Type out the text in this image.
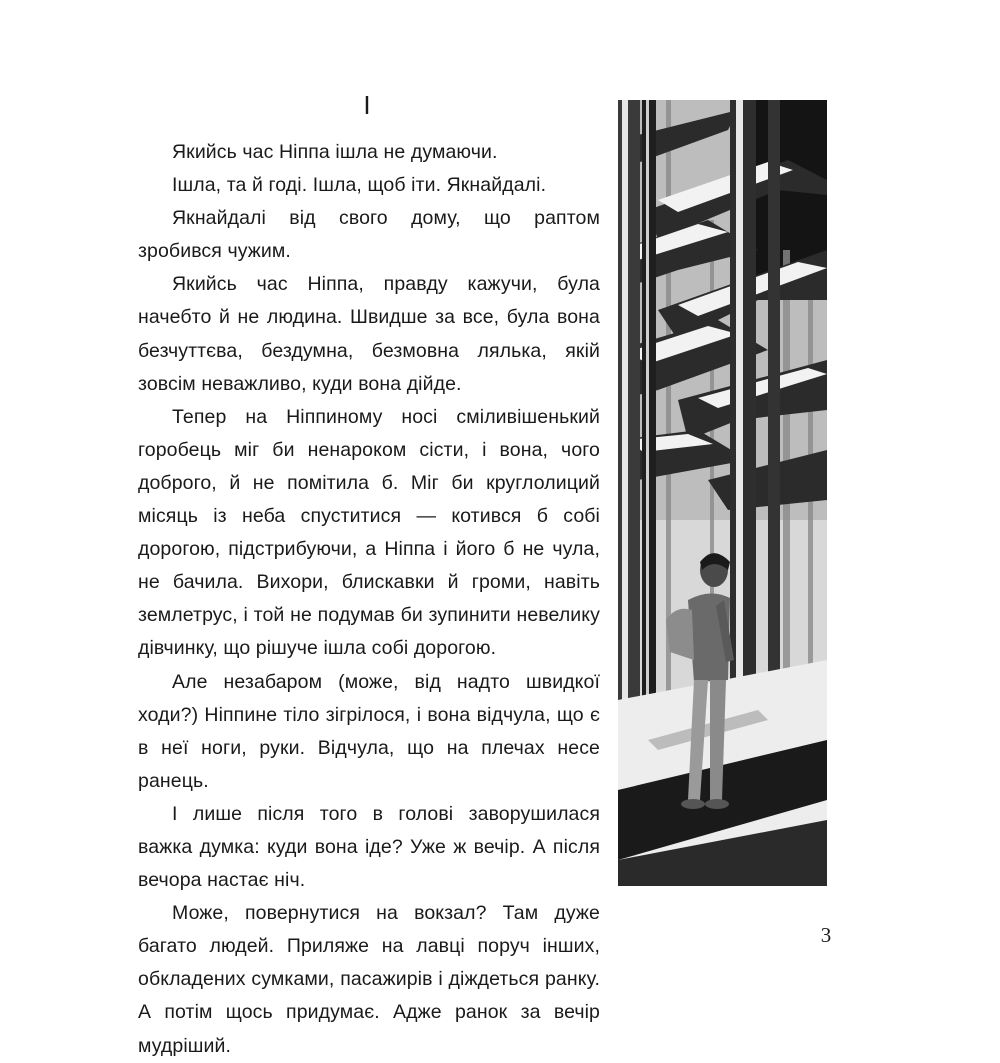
I

Якийсь час Ніппа ішла не думаючи.

Ішла, та й годі. Ішла, щоб іти. Якнайдалі.

Якнайдалі від свого дому, що раптом зробився чужим.

Якийсь час Ніппа, правду кажучи, була начебто й не людина. Швидше за все, була вона безчуттєва, бездумна, безмовна лялька, якій зовсім неважливо, куди вона дійде.

Тепер на Ніппиному носі сміливішенький горобець міг би ненароком сісти, і вона, чого доброго, й не помітила б. Міг би круглолиций місяць із неба спуститися — котився б собі дорогою, підстрибуючи, а Ніппа і його б не чула, не бачила. Вихори, блискавки й громи, навіть землетрус, і той не подумав би зупинити невелику дівчинку, що рішуче ішла собі дорогою.

Але незабаром (може, від надто швидкої ходи?) Ніппине тіло зігрілося, і вона відчула, що є в неї ноги, руки. Відчула, що на плечах несе ранець.

І лише після того в голові заворушилася важка думка: куди вона іде? Уже ж вечір. А після вечора настає ніч.

Може, повернутися на вокзал? Там дуже багато людей. Приляже на лавці поруч інших, обкладених сумками, пасажирів і діждеться ранку. А потім щось придумає. Адже ранок за вечір мудріший.

3
